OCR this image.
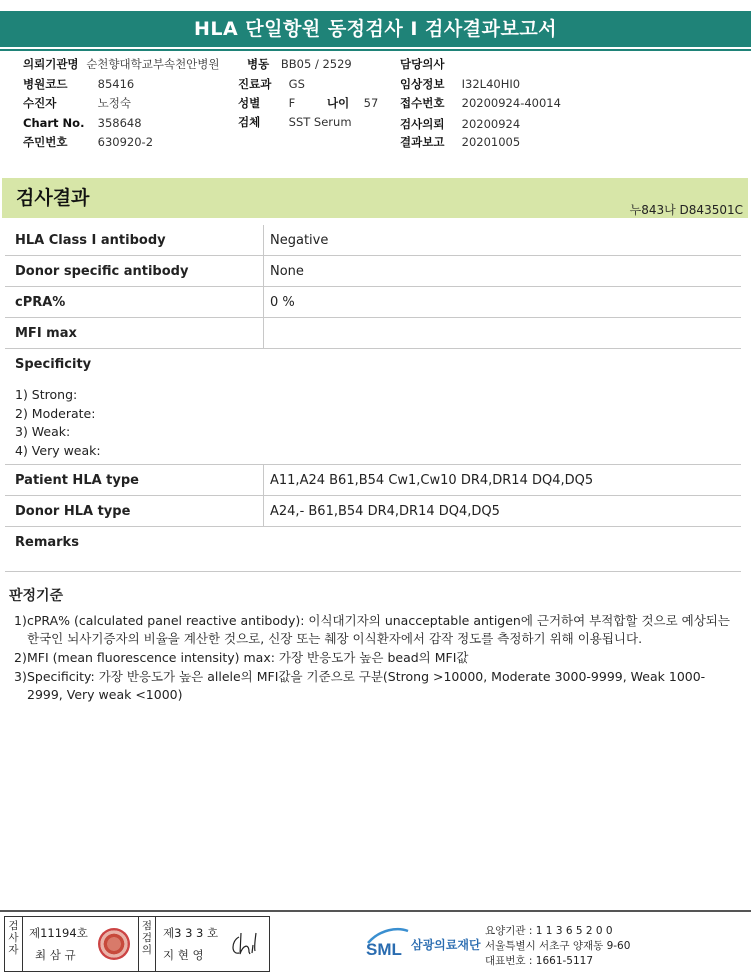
HLA 단일항원 동정검사 I 검사결과보고서
의뢰기관명 순천향대학교부속천안병원 병동 BB05 / 2529	담당의사
병원코드	85416	진료과 GS	임상정보 I32L40HI0
수진자	노정숙	성별 F	나이 57 접수번호 20200924-40014
Chart No. 358648	검체 SST Serum	검사의뢰 20200924
주민번호	630920-2	결과보고 20201005
검사결과
누843나 D843501C
HLA Class I antibody	Negative
Donor specific antibody	None
cPRA%	0 %
MFI max
Specificity
1) Strong:
2) Moderate:
3) Weak:
4) Very weak:
Patient HLA type	A11,A24 B61,B54 Cw1,Cw10 DR4,DR14 DQ4,DQ5
Donor HLA type	A24,- B61,B54 DR4,DR14 DQ4,DQ5
Remarks
판정기준
1) cPRA% (calculated panel reactive antibody): 이식대기자의 unacceptable antigen에 근거하여 부적합할 것으로 예상되는 한국인 뇌사기증자의 비율을 계산한 것으로, 신장 또는 췌장 이식환자에서 감작 정도를 측정하기 위해 이용됩니다.
2) MFI (mean fluorescence intensity) max: 가장 반응도가 높은 bead의 MFI값
3) Specificity: 가장 반응도가 높은 allele의 MFI값을 기준으로 구분(Strong >10000, Moderate 3000-9999, Weak 1000-2999, Very weak <1000)
검사자
제11194호
최 삼 규
점검의
제3 3 3 호
지 현 영	SML 삼광의료재단
요양기관 : 1 1 3 6 5 2 0 0
서울특별시 서초구 양재동 9-60
대표번호 : 1661-5117
